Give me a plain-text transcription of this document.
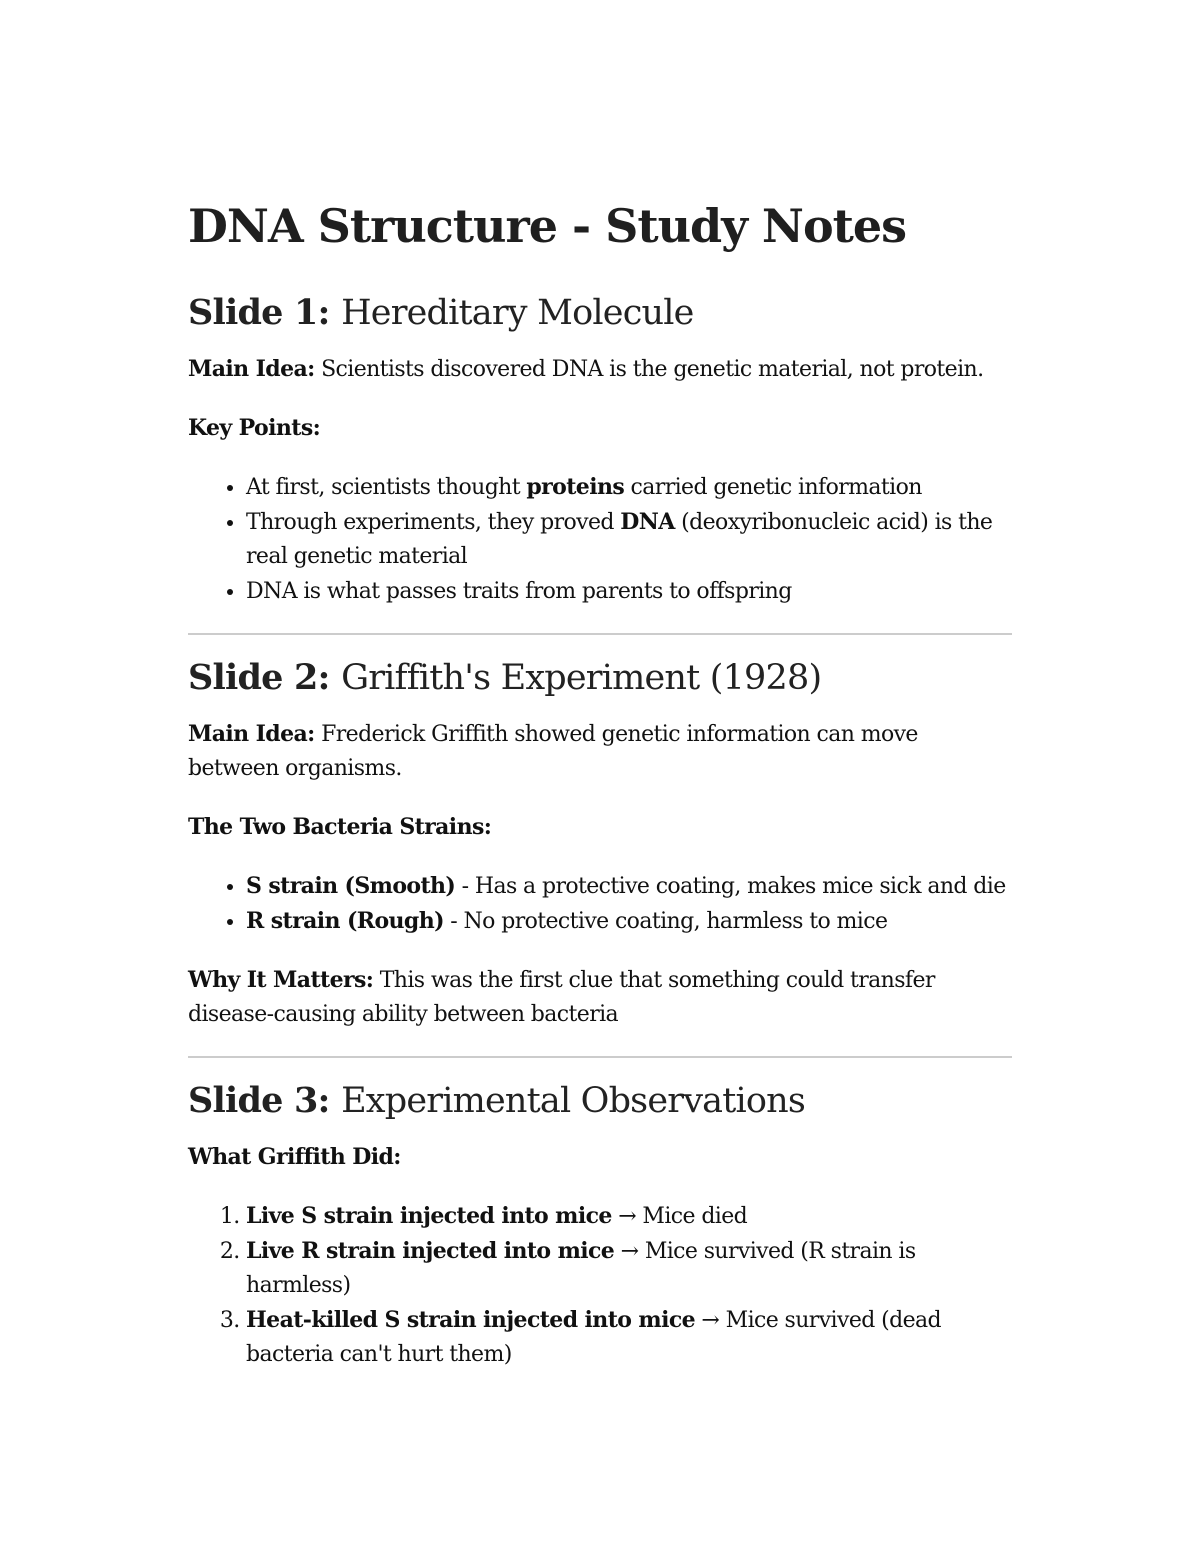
DNA Structure - Study Notes
Slide 1: Hereditary Molecule

Main Idea: Scientists discovered DNA is the genetic material, not protein.

Key Points:

• At first, scientists thought proteins carried genetic information
• Through experiments, they proved DNA (deoxyribonucleic acid) is the real genetic material
• DNA is what passes traits from parents to offspring
Slide 2: Griffith's Experiment (1928)

Main Idea: Frederick Griffith showed genetic information can move between organisms.

The Two Bacteria Strains:

• S strain (Smooth) - Has a protective coating, makes mice sick and die
• R strain (Rough) - No protective coating, harmless to mice

Why It Matters: This was the first clue that something could transfer disease-causing ability between bacteria

Slide 3: Experimental Observations

What Griffith Did:

1. Live S strain injected into mice → Mice died
2. Live R strain injected into mice → Mice survived (R strain is harmless)
3. Heat-killed S strain injected into mice → Mice survived (dead bacteria can't hurt them)
